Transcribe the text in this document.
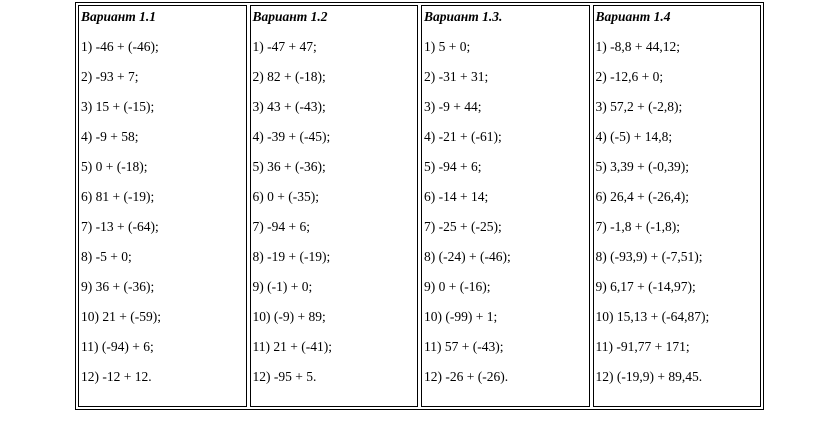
Вариант 1.1
1) -46 + (-46);
2) -93 + 7;
3) 15 + (-15);
4) -9 + 58;
5) 0 + (-18);
6) 81 + (-19);
7) -13 + (-64);
8) -5 + 0;
9) 36 + (-36);
10) 21 + (-59);
11) (-94) + 6;
12) -12 + 12.
Вариант 1.2
1) -47 + 47;
2) 82 + (-18);
3) 43 + (-43);
4) -39 + (-45);
5) 36 + (-36);
6) 0 + (-35);
7) -94 + 6;
8) -19 + (-19);
9) (-1) + 0;
10) (-9) + 89;
11) 21 + (-41);
12) -95 + 5.
Вариант 1.3.
1) 5 + 0;
2) -31 + 31;
3) -9 + 44;
4) -21 + (-61);
5) -94 + 6;
6) -14 + 14;
7) -25 + (-25);
8) (-24) + (-46);
9) 0 + (-16);
10) (-99) + 1;
11) 57 + (-43);
12) -26 + (-26).
Вариант 1.4
1) -8,8 + 44,12;
2) -12,6 + 0;
3) 57,2 + (-2,8);
4) (-5) + 14,8;
5) 3,39 + (-0,39);
6) 26,4 + (-26,4);
7) -1,8 + (-1,8);
8) (-93,9) + (-7,51);
9) 6,17 + (-14,97);
10) 15,13 + (-64,87);
11) -91,77 + 171;
12) (-19,9) + 89,45.
